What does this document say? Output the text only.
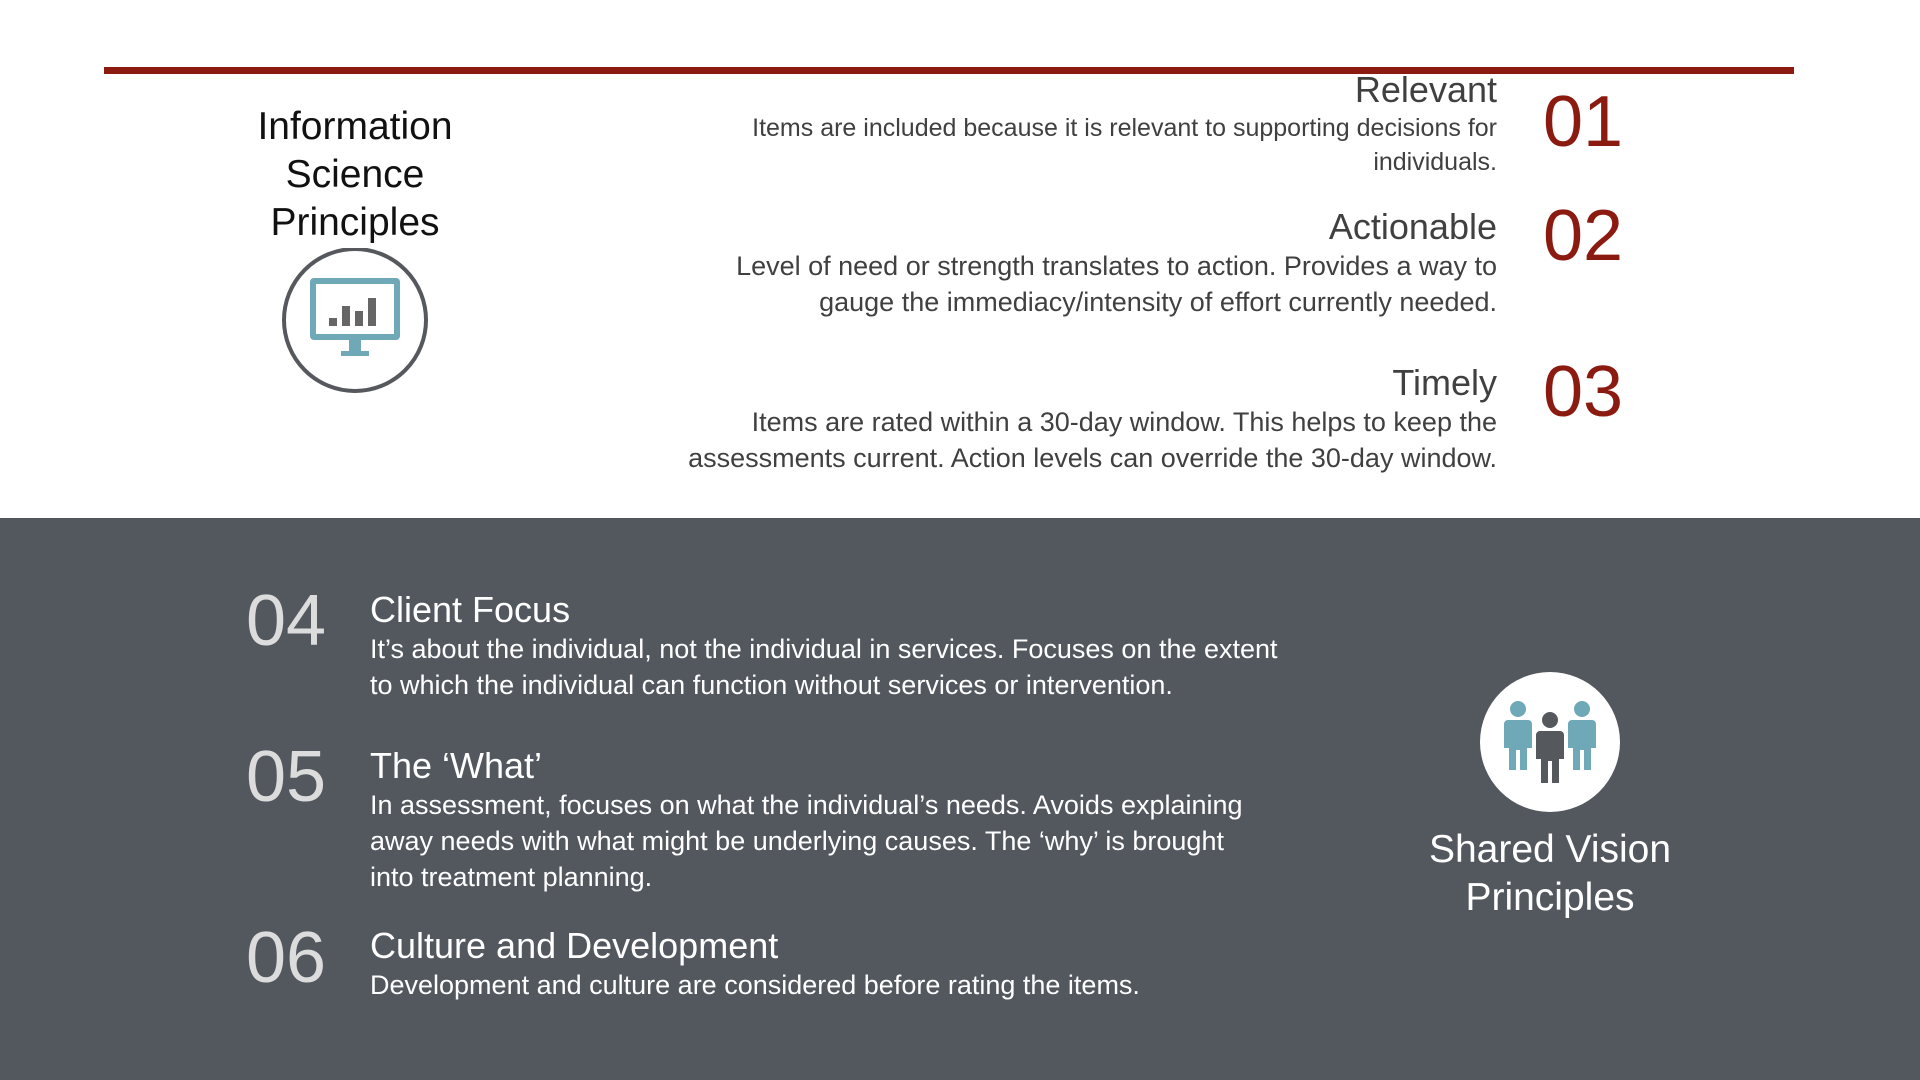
Information
Science
Principles
Relevant
Items are included because it is relevant to supporting decisions for
individuals. 01
Actionable
Level of need or strength translates to action. Provides a way to
gauge the immediacy/intensity of effort currently needed.
02
Timely
Items are rated within a 30-day window. This helps to keep the
assessments current. Action levels can override the 30-day window.
03
04 Client Focus
It’s about the individual, not the individual in services. Focuses on the extent
to which the individual can function without services or intervention.
05 The ‘What’
In assessment, focuses on what the individual’s needs. Avoids explaining
away needs with what might be underlying causes. The ‘why’ is brought
into treatment planning.
06 Culture and Development
Development and culture are considered before rating the items.
Shared Vision
Principles
